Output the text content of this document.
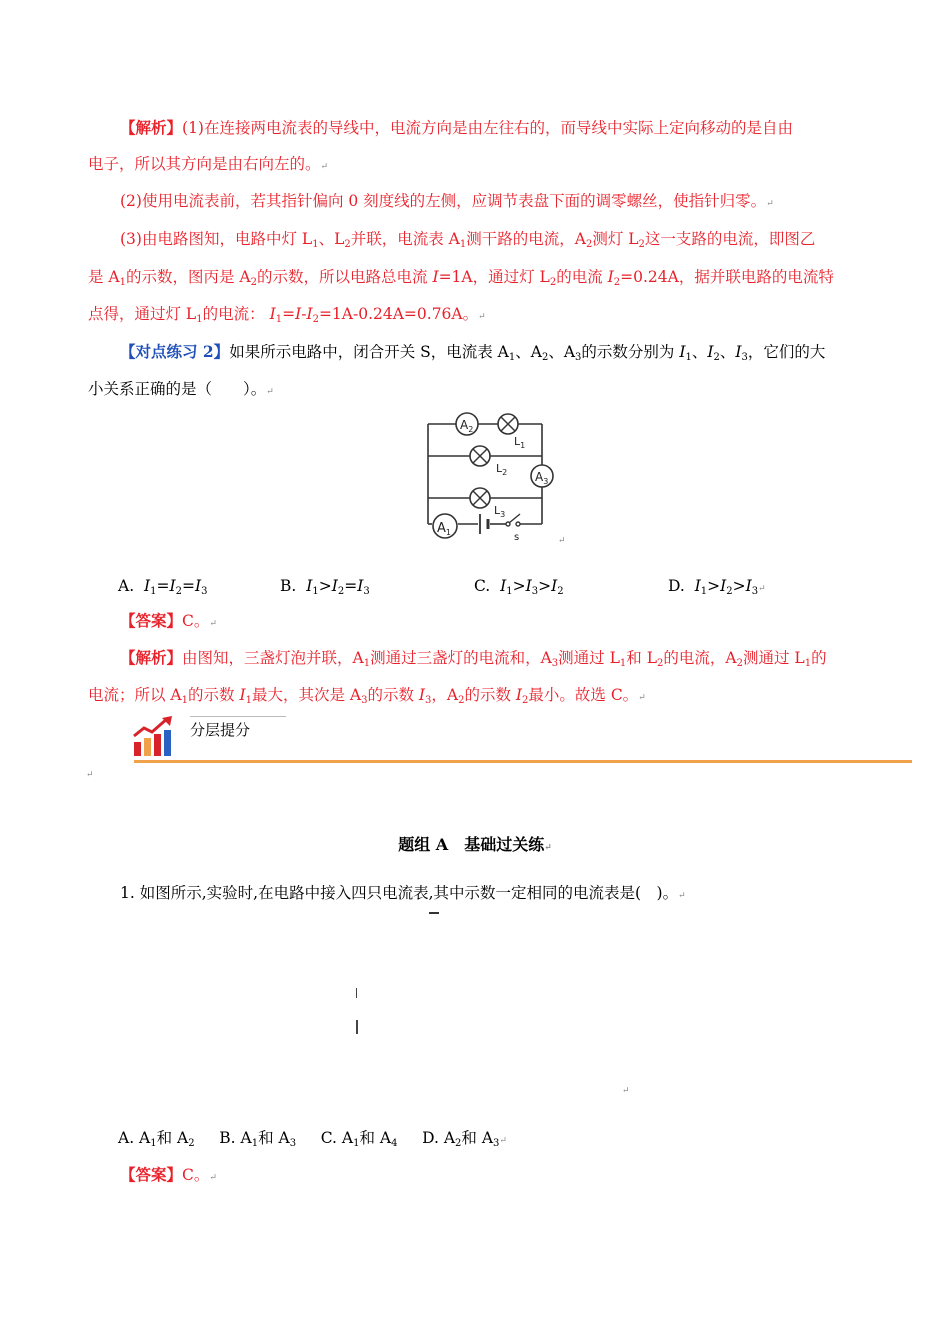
【解析】(1)在连接两电流表的导线中，电流方向是由左往右的，而导线中实际上定向移动的是自由
电子，所以其方向是由右向左的。↵
(2)使用电流表前，若其指针偏向 0 刻度线的左侧，应调节表盘下面的调零螺丝，使指针归零。↵
(3)由电路图知，电路中灯 $L_1$、$L_2$并联，电流表 $A_1$测干路的电流，$A_2$测灯 $L_2$这一支路的电流，即图乙
是 $A_1$的示数，图丙是 $A_2$的示数，所以电路总电流 I=1A，通过灯 $L_2$的电流 $I_2=0.24A$，据并联电路的电流特
点得，通过灯 $L_1$的电流： $I_1=I-I_2=1A-0.24A=0.76A$。↵
【对点练习 2】如果所示电路中，闭合开关 S，电流表 $A_1$、$A_2$、$A_3$的示数分别为 $I_1$、$I_2$、$I_3$，它们的大
小关系正确的是（　　）。↵
$A_2$
$L_1$
$L_2$ $A_3$
$L_3$
$A_1$	s	↵
A. $I_1=I_2=I_3$	B. $I_1>I_2=I_3$	C. $I_1>I_3>I_2$	D. $I_1>I_2>I_3↵$
【答案】C。↵
【解析】由图知，三盏灯泡并联，$A_1$测通过三盏灯的电流和，$A_3$测通过 $L_1$和 $L_2$的电流，$A_2$测通过 $L_1$的
电流；所以 $A_1$的示数 $I_1$最大，其次是 $A_3$的示数 $I_3$，$A_2$的示数 $I_2$最小。故选 C。↵
分层提分
↵
题组 A　基础过关练↵
1. 如图所示,实验时,在电路中接入四只电流表,其中示数一定相同的电流表是(　)。↵
↵
A. $A_1$和 $A_2$ B. $A_1$和 $A_3$ C. $A_1$和 $A_4$ D. $A_2$和 $A_3↵$
【答案】C。↵
